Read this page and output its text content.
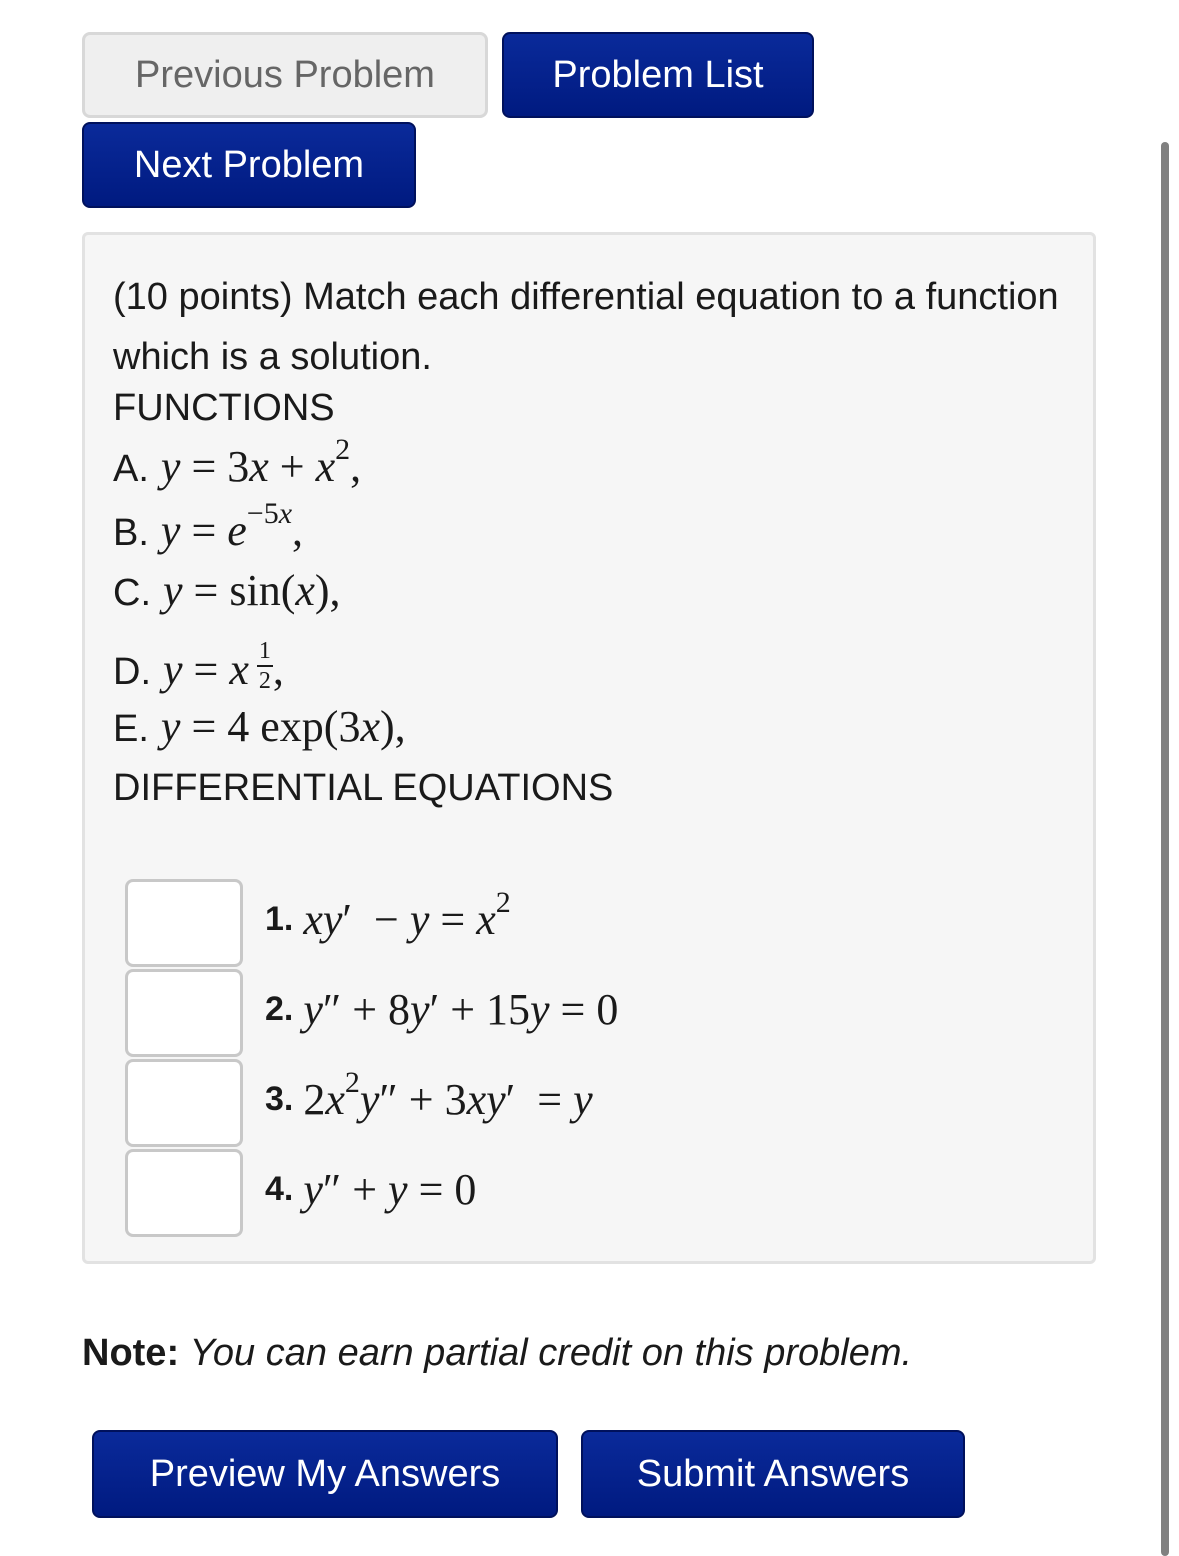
Previous Problem	Problem List
Next Problem
(10 points) Match each differential equation to a function which is a solution.
FUNCTIONS
A. $y = 3x + x^2$,
B. $y = e^{-5x}$,
C. y = sin(x),
D. y = x $\frac{1}{2}$ ,
E. y = 4 exp(3x),
DIFFERENTIAL EQUATIONS
1. $xy' - y = x^2$
2. y″ + 8y′ + 15y = 0
3. $2x^2y'' + 3xy' = y$
4. y″ + y = 0
Note: You can earn partial credit on this problem.
Preview My Answers	Submit Answers
